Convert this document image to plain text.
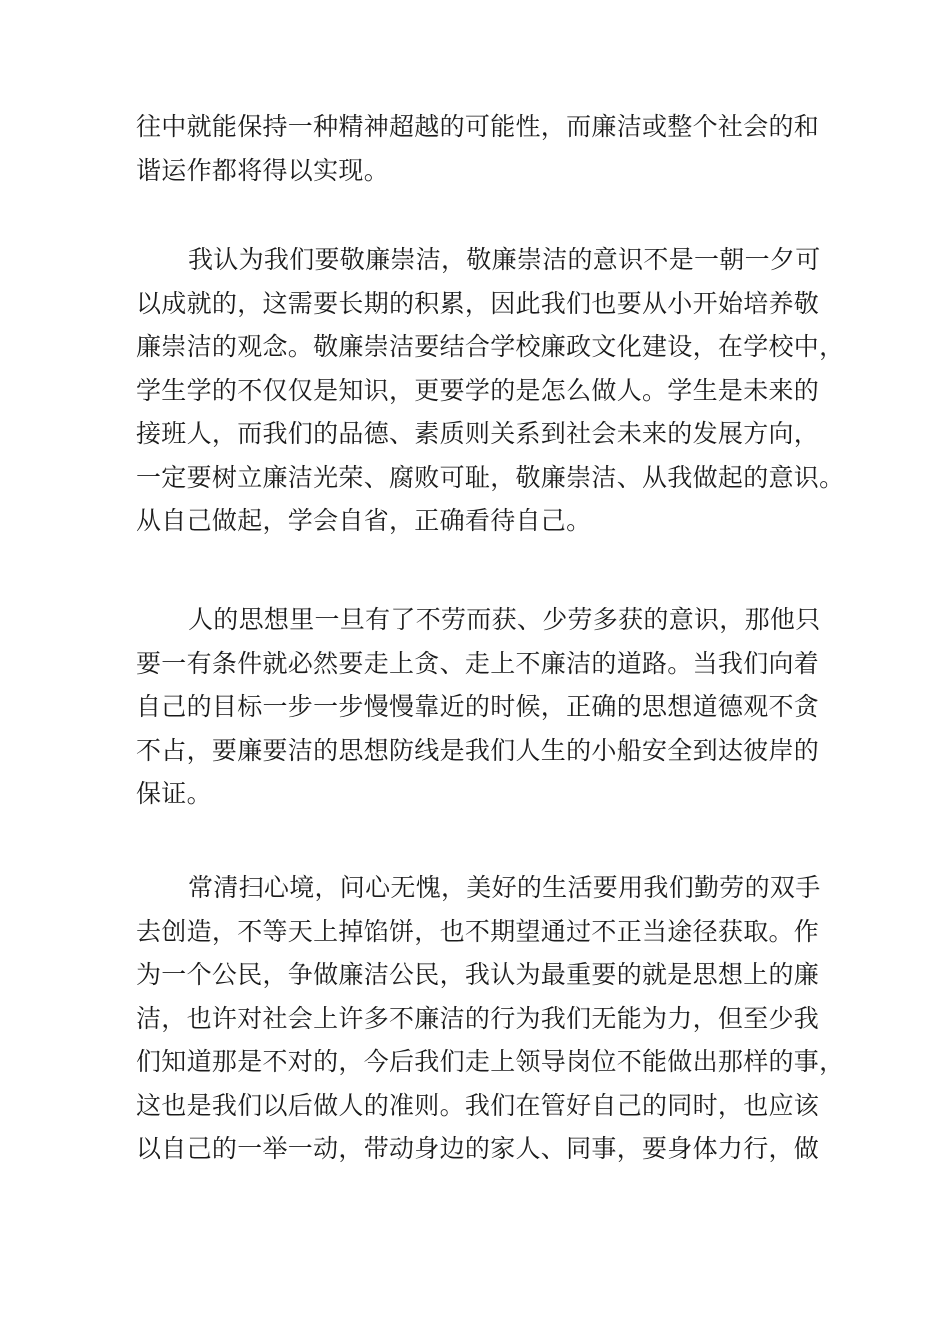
往中就能保持一种精神超越的可能性，而廉洁或整个社会的和
谐运作都将得以实现。
我认为我们要敬廉崇洁，敬廉崇洁的意识不是一朝一夕可
以成就的，这需要长期的积累，因此我们也要从小开始培养敬
廉崇洁的观念。敬廉崇洁要结合学校廉政文化建设，在学校中，
学生学的不仅仅是知识，更要学的是怎么做人。学生是未来的
接班人，而我们的品德、素质则关系到社会未来的发展方向，
一定要树立廉洁光荣、腐败可耻，敬廉崇洁、从我做起的意识。
从自己做起，学会自省，正确看待自己。
人的思想里一旦有了不劳而获、少劳多获的意识，那他只
要一有条件就必然要走上贪、走上不廉洁的道路。当我们向着
自己的目标一步一步慢慢靠近的时候，正确的思想道德观不贪
不占，要廉要洁的思想防线是我们人生的小船安全到达彼岸的
保证。
常清扫心境，问心无愧，美好的生活要用我们勤劳的双手
去创造，不等天上掉馅饼，也不期望通过不正当途径获取。作
为一个公民，争做廉洁公民，我认为最重要的就是思想上的廉
洁，也许对社会上许多不廉洁的行为我们无能为力，但至少我
们知道那是不对的，今后我们走上领导岗位不能做出那样的事，
这也是我们以后做人的准则。我们在管好自己的同时，也应该
以自己的一举一动，带动身边的家人、同事，要身体力行，做
